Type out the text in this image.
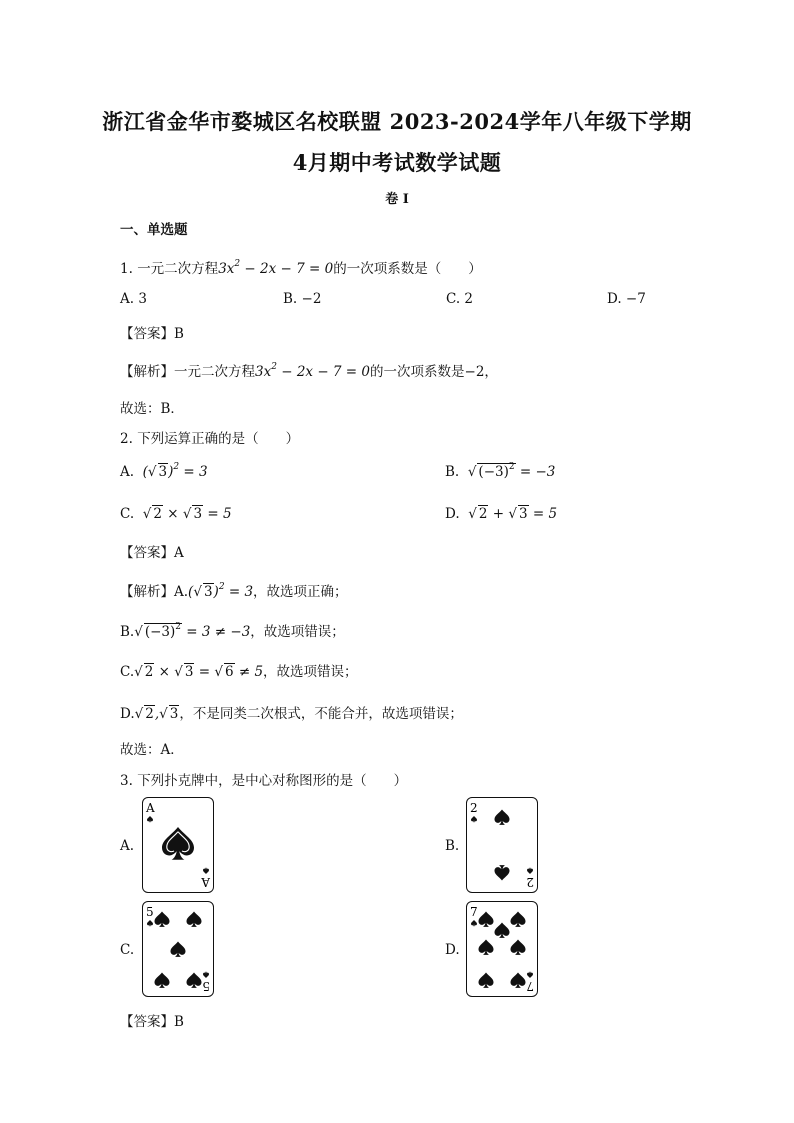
浙江省金华市婺城区名校联盟 2023-2024学年八年级下学期
4月期中考试数学试题
卷 I
一、单选题
1. 一元二次方程$3x^2 - 2x - 7 = 0$的一次项系数是（　　）
A. 3	B. −2	C. 2	D. −7
【答案】B
【解析】一元二次方程$3x^2 - 2x - 7 = 0$的一次项系数是−2，
故选：B．
2. 下列运算正确的是（　　）
A.  (√ 3)$^2$ = 3	B. √ $(-3)^2 = -3$
C. √ 2 × √ 3 = 5	D. √ 2 + √ 3 = 5
【答案】A
【解析】A.(√ 3)$^2$ = 3，故选项正确；
B.√ $(-3)^2 = 3 \ne -3$，故选项错误；
C.√ 2 × √ 3 = √ 6 ≠ 5，故选项错误；
D.√ 2,√ 3，不是同类二次根式，不能合并，故选项错误；
故选：A．
3. 下列扑克牌中，是中心对称图形的是（　　）
A.	B.
C.	D.
A
A
2
2
5
5
7
7
【答案】B
